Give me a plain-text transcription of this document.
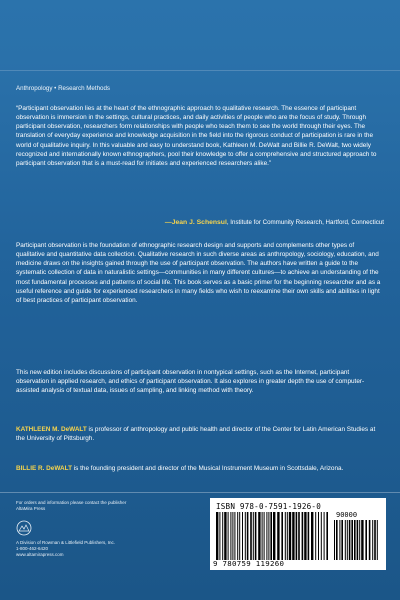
Anthropology • Research Methods
“Participant observation lies at the heart of the ethnographic approach to qualitative research. The essence of participant observation is immersion in the settings, cultural practices, and daily activities of people who are the focus of study. Through participant observation, researchers form relationships with people who teach them to see the world through their eyes. The translation of everyday experience and knowledge acquisition in the field into the rigorous conduct of participation is rare in the world of qualitative inquiry. In this valuable and easy to understand book, Kathleen M. DeWalt and Billie R. DeWalt, two widely recognized and internationally known ethnographers, pool their knowledge to offer a comprehensive and structured approach to participant observation that is a must-read for initiates and experienced researchers alike.”
—Jean J. Schensul, Institute for Community Research, Hartford, Connecticut
Participant observation is the foundation of ethnographic research design and supports and complements other types of qualitative and quantitative data collection. Qualitative research in such diverse areas as anthropology, sociology, education, and medicine draws on the insights gained through the use of participant observation. The authors have written a guide to the systematic collection of data in naturalistic settings—communities in many different cultures—to achieve an understanding of the most fundamental processes and patterns of social life. This book serves as a basic primer for the beginning researcher and as a useful reference and guide for experienced researchers in many fields who wish to reexamine their own skills and abilities in light of best practices of participant observation.
This new edition includes discussions of participant observation in nontypical settings, such as the Internet, participant observation in applied research, and ethics of participant observation. It also explores in greater depth the use of computer-assisted analysis of textual data, issues of sampling, and linking method with theory.
KATHLEEN M. DeWALT is professor of anthropology and public health and director of the Center for Latin American Studies at the University of Pittsburgh.
BILLIE R. DeWALT is the founding president and director of the Musical Instrument Museum in Scottsdale, Arizona.
For orders and information please contact the publisher
AltaMira Press
A Division of Rowman & Littlefield Publishers, Inc.
1-800-462-6420
www.altamirapress.com
ISBN 978-0-7591-1926-0
90000
9 780759 119260
